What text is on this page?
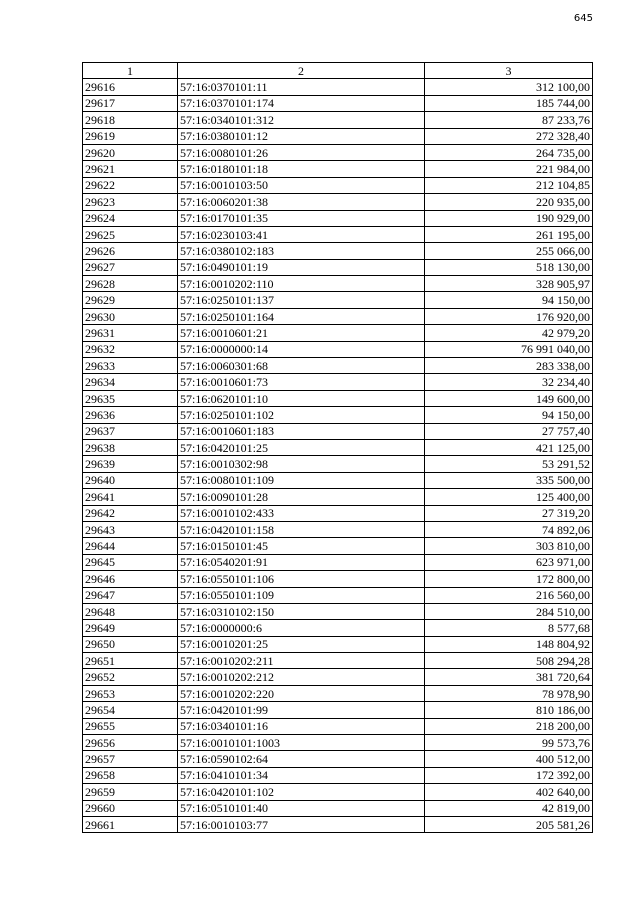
645
1	2	3
29616	57:16:0370101:11	312 100,00
29617	57:16:0370101:174	185 744,00
29618	57:16:0340101:312	87 233,76
29619	57:16:0380101:12	272 328,40
29620	57:16:0080101:26	264 735,00
29621	57:16:0180101:18	221 984,00
29622	57:16:0010103:50	212 104,85
29623	57:16:0060201:38	220 935,00
29624	57:16:0170101:35	190 929,00
29625	57:16:0230103:41	261 195,00
29626	57:16:0380102:183	255 066,00
29627	57:16:0490101:19	518 130,00
29628	57:16:0010202:110	328 905,97
29629	57:16:0250101:137	94 150,00
29630	57:16:0250101:164	176 920,00
29631	57:16:0010601:21	42 979,20
29632	57:16:0000000:14	76 991 040,00
29633	57:16:0060301:68	283 338,00
29634	57:16:0010601:73	32 234,40
29635	57:16:0620101:10	149 600,00
29636	57:16:0250101:102	94 150,00
29637	57:16:0010601:183	27 757,40
29638	57:16:0420101:25	421 125,00
29639	57:16:0010302:98	53 291,52
29640	57:16:0080101:109	335 500,00
29641	57:16:0090101:28	125 400,00
29642	57:16:0010102:433	27 319,20
29643	57:16:0420101:158	74 892,06
29644	57:16:0150101:45	303 810,00
29645	57:16:0540201:91	623 971,00
29646	57:16:0550101:106	172 800,00
29647	57:16:0550101:109	216 560,00
29648	57:16:0310102:150	284 510,00
29649	57:16:0000000:6	8 577,68
29650	57:16:0010201:25	148 804,92
29651	57:16:0010202:211	508 294,28
29652	57:16:0010202:212	381 720,64
29653	57:16:0010202:220	78 978,90
29654	57:16:0420101:99	810 186,00
29655	57:16:0340101:16	218 200,00
29656	57:16:0010101:1003	99 573,76
29657	57:16:0590102:64	400 512,00
29658	57:16:0410101:34	172 392,00
29659	57:16:0420101:102	402 640,00
29660	57:16:0510101:40	42 819,00
29661	57:16:0010103:77	205 581,26
